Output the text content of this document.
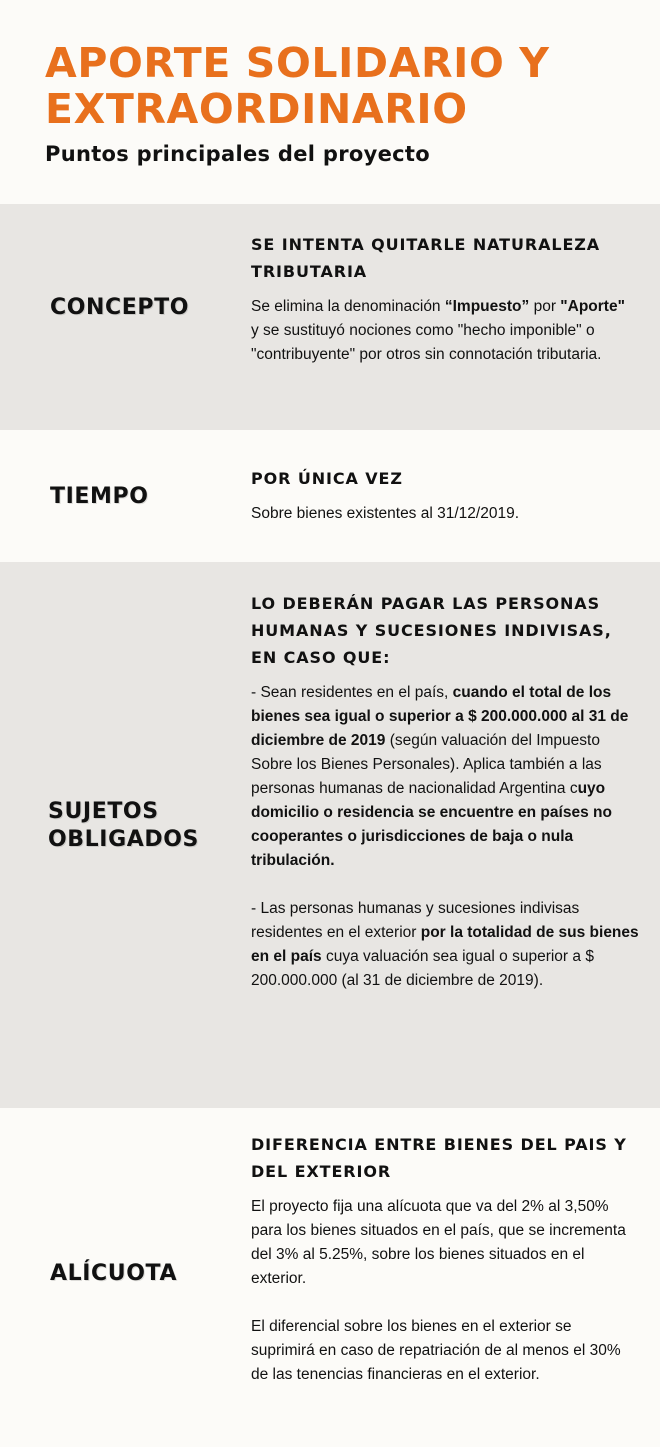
APORTE SOLIDARIO Y EXTRAORDINARIO
Puntos principales del proyecto
CONCEPTO
SE INTENTA QUITARLE NATURALEZA TRIBUTARIA

Se elimina la denominación “Impuesto” por "Aporte" y se sustituyó nociones como "hecho imponible" o "contribuyente" por otros sin connotación tributaria.

TIEMPO
POR ÚNICA VEZ

Sobre bienes existentes al 31/12/2019.

SUJETOS OBLIGADOS
LO DEBERÁN PAGAR LAS PERSONAS HUMANAS Y SUCESIONES INDIVISAS, EN CASO QUE:

- Sean residentes en el país, cuando el total de los bienes sea igual o superior a $ 200.000.000 al 31 de diciembre de 2019 (según valuación del Impuesto Sobre los Bienes Personales). Aplica también a las personas humanas de nacionalidad Argentina cuyo domicilio o residencia se encuentre en países no cooperantes o jurisdicciones de baja o nula tribulación.

- Las personas humanas y sucesiones indivisas residentes en el exterior por la totalidad de sus bienes en el país cuya valuación sea igual o superior a $ 200.000.000 (al 31 de diciembre de 2019).

ALÍCUOTA
DIFERENCIA ENTRE BIENES DEL PAIS Y DEL EXTERIOR

El proyecto fija una alícuota que va del 2% al 3,50% para los bienes situados en el país, que se incrementa del 3% al 5.25%, sobre los bienes situados en el exterior.

El diferencial sobre los bienes en el exterior se suprimirá en caso de repatriación de al menos el 30% de las tenencias financieras en el exterior.
